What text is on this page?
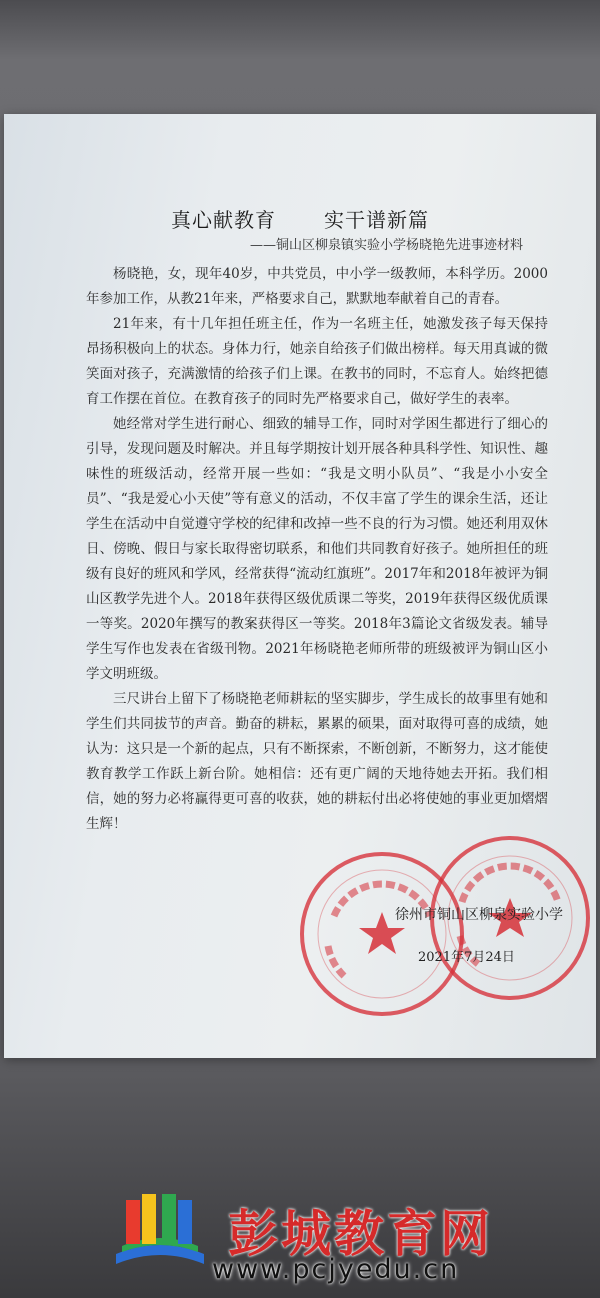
真心献教育 实干谱新篇
——铜山区柳泉镇实验小学杨晓艳先进事迹材料

杨晓艳，女，现年40岁，中共党员，中小学一级教师，本科学历。2000年参加工作，从教21年来，严格要求自己，默默地奉献着自己的青春。

21年来，有十几年担任班主任，作为一名班主任，她激发孩子每天保持昂扬积极向上的状态。身体力行，她亲自给孩子们做出榜样。每天用真诚的微笑面对孩子，充满激情的给孩子们上课。在教书的同时，不忘育人。始终把德育工作摆在首位。在教育孩子的同时先严格要求自己，做好学生的表率。

她经常对学生进行耐心、细致的辅导工作，同时对学困生都进行了细心的引导，发现问题及时解决。并且每学期按计划开展各种具科学性、知识性、趣味性的班级活动，经常开展一些如：“我是文明小队员”、“我是小小安全员”、“我是爱心小天使”等有意义的活动，不仅丰富了学生的课余生活，还让学生在活动中自觉遵守学校的纪律和改掉一些不良的行为习惯。她还利用双休日、傍晚、假日与家长取得密切联系，和他们共同教育好孩子。她所担任的班级有良好的班风和学风，经常获得“流动红旗班”。2017年和2018年被评为铜山区教学先进个人。2018年获得区级优质课二等奖，2019年获得区级优质课一等奖。2020年撰写的教案获得区一等奖。2018年3篇论文省级发表。辅导学生写作也发表在省级刊物。2021年杨晓艳老师所带的班级被评为铜山区小学文明班级。

三尺讲台上留下了杨晓艳老师耕耘的坚实脚步，学生成长的故事里有她和学生们共同拔节的声音。勤奋的耕耘，累累的硕果，面对取得可喜的成绩，她认为：这只是一个新的起点，只有不断探索，不断创新，不断努力，这才能使教育教学工作跃上新台阶。她相信：还有更广阔的天地待她去开拓。我们相信，她的努力必将赢得更可喜的收获，她的耕耘付出必将使她的事业更加熠熠生辉！

徐州市铜山区柳泉实验小学
2021年7月24日
彭城教育网
www.pcjyedu.cn
